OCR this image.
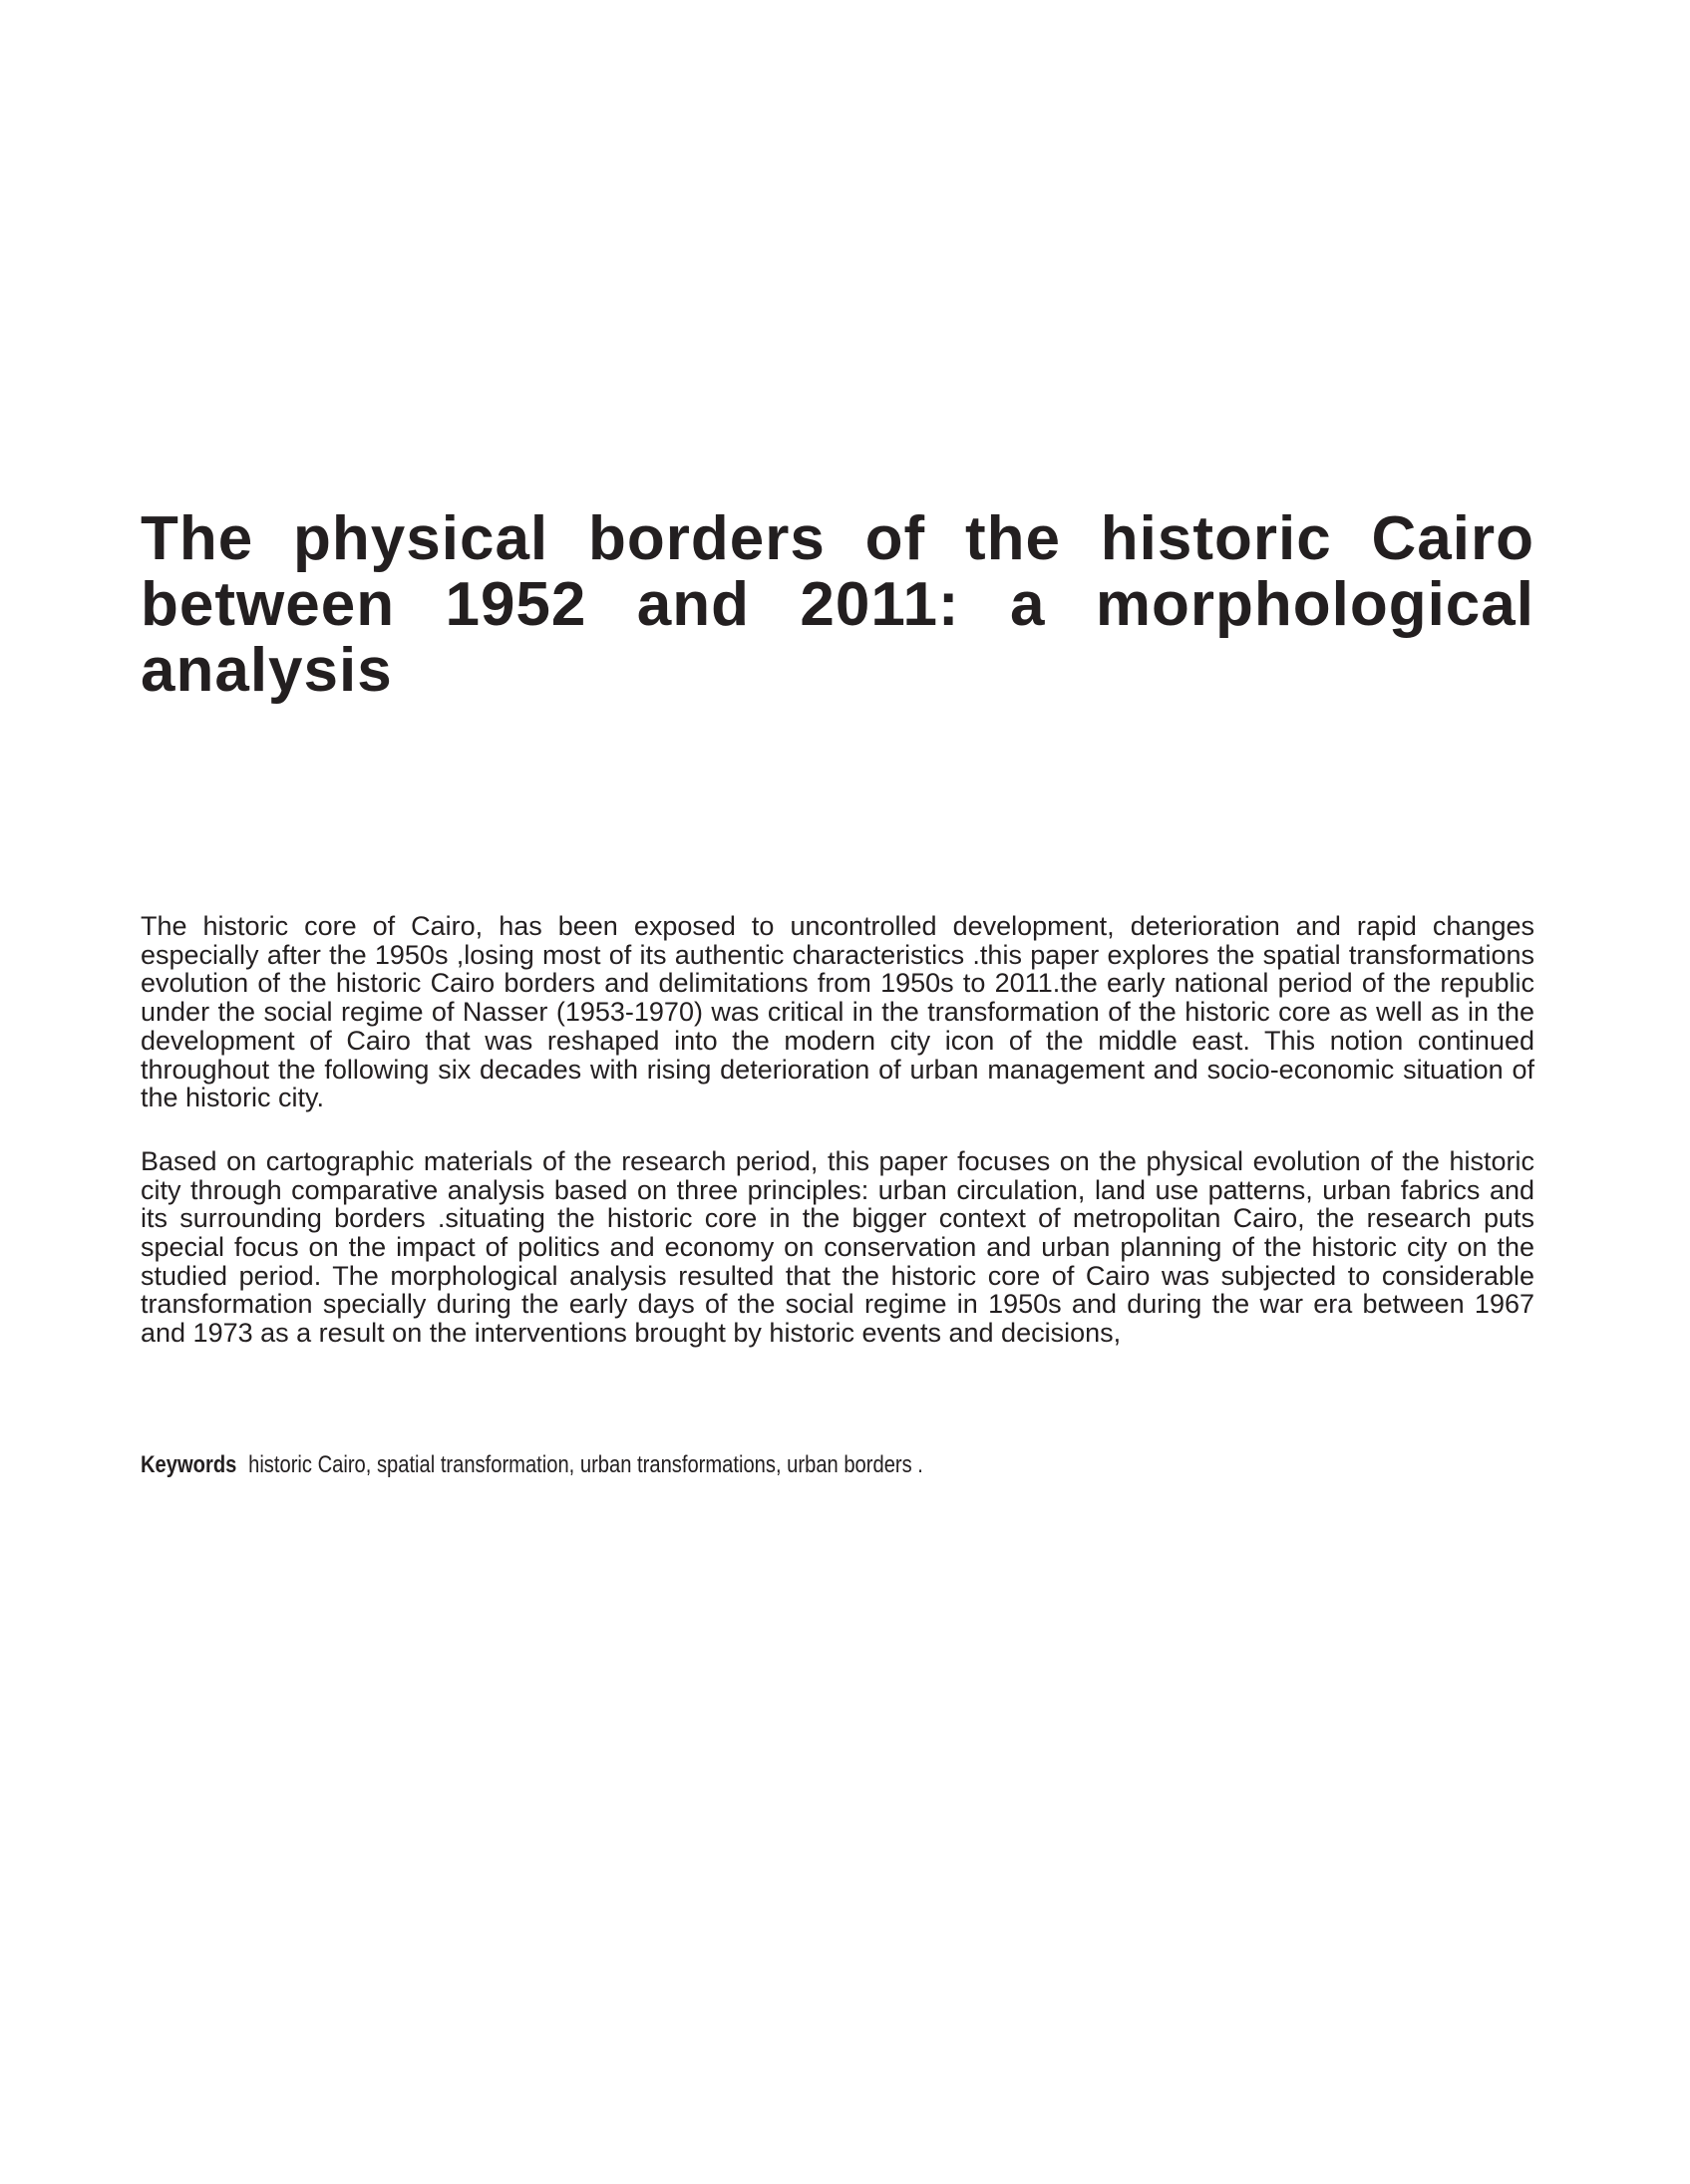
The physical borders of the historic Cairo between 1952 and 2011: a morphological analysis

The historic core of Cairo, has been exposed to uncontrolled development, deterioration and rapid changes especially after the 1950s ,losing most of its authentic characteristics .this paper explores the spatial transformations evolution of the historic Cairo borders and delimitations from 1950s to 2011.the early national period of the republic under the social regime of Nasser (1953-1970) was critical in the transformation of the historic core as well as in the development of Cairo that was reshaped into the modern city icon of the middle east. This notion continued throughout the following six decades with rising deterioration of urban management and socio-economic situation of the historic city.

Based on cartographic materials of the research period, this paper focuses on the physical evolution of the historic city through comparative analysis based on three principles: urban circulation, land use patterns, urban fabrics and its surrounding borders .situating the historic core in the bigger context of metropolitan Cairo, the research puts special focus on the impact of politics and economy on conservation and urban planning of the historic city on the studied period. The morphological analysis resulted that the historic core of Cairo was subjected to considerable transformation specially during the early days of the social regime in 1950s and during the war era between 1967 and 1973 as a result on the interventions brought by historic events and decisions,

Keywords historic Cairo, spatial transformation, urban transformations, urban borders .
